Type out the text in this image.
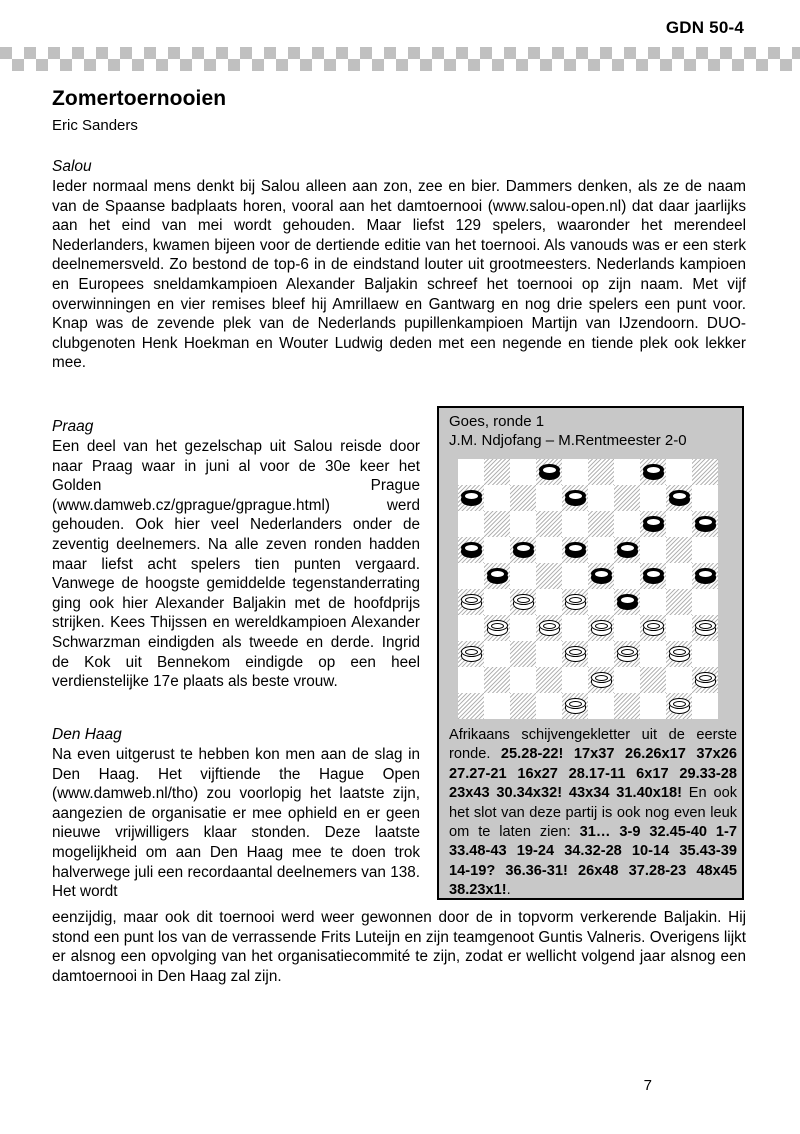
GDN 50-4
Zomertoernooien
Eric Sanders
Salou

Ieder normaal mens denkt bij Salou alleen aan zon, zee en bier. Dammers denken, als ze de naam van de Spaanse badplaats horen, vooral aan het damtoernooi (www.salou-open.nl) dat daar jaarlijks aan het eind van mei wordt gehouden. Maar liefst 129 spelers, waaronder het merendeel Nederlanders, kwamen bijeen voor de dertiende editie van het toernooi. Als vanouds was er een sterk deelnemersveld. Zo bestond de top-6 in de eindstand louter uit grootmeesters. Nederlands kampioen en Europees sneldamkampioen Alexander Baljakin schreef het toernooi op zijn naam. Met vijf overwinningen en vier remises bleef hij Amrillaew en Gantwarg en nog drie spelers een punt voor. Knap was de zevende plek van de Nederlands pupillenkampioen Martijn van IJzendoorn. DUO-clubgenoten Henk Hoekman en Wouter Ludwig deden met een negende en tiende plek ook lekker mee.

Praag

Een deel van het gezelschap uit Salou reisde door naar Praag waar in juni al voor de 30e keer het Golden Prague (www.damweb.cz/gprague/gprague.html) werd gehouden. Ook hier veel Nederlanders onder de zeventig deelnemers. Na alle zeven ronden hadden maar liefst acht spelers tien punten vergaard. Vanwege de hoogste gemiddelde tegenstanderrating ging ook hier Alexander Baljakin met de hoofdprijs strijken. Kees Thijssen en wereldkampioen Alexander Schwarzman eindigden als tweede en derde. Ingrid de Kok uit Bennekom eindigde op een heel verdienstelijke 17e plaats als beste vrouw.

Den Haag

Na even uitgerust te hebben kon men aan de slag in Den Haag. Het vijftiende the Hague Open (www.damweb.nl/tho) zou voorlopig het laatste zijn, aangezien de organisatie er mee ophield en er geen nieuwe vrijwilligers klaar stonden. Deze laatste mogelijkheid om aan Den Haag mee te doen trok halverwege juli een recordaantal deelnemers van 138. Het wordt

eenzijdig, maar ook dit toernooi werd weer gewonnen door de in topvorm verkerende Baljakin. Hij stond een punt los van de verrassende Frits Luteijn en zijn teamgenoot Guntis Valneris. Overigens lijkt er alsnog een opvolging van het organisatiecommité te zijn, zodat er wellicht volgend jaar alsnog een damtoernooi in Den Haag zal zijn.

Goes, ronde 1
J.M. Ndjofang – M.Rentmeester 2-0
Afrikaans schijvengekletter uit de eerste ronde. 25.28-22! 17x37 26.26x17 37x26 27.27-21 16x27 28.17-11 6x17 29.33-28 23x43 30.34x32! 43x34 31.40x18! En ook het slot van deze partij is ook nog even leuk om te laten zien: 31… 3-9 32.45-40 1-7 33.48-43 19-24 34.32-28 10-14 35.43-39 14-19? 36.36-31! 26x48 37.28-23 48x45 38.23x1!.
7
